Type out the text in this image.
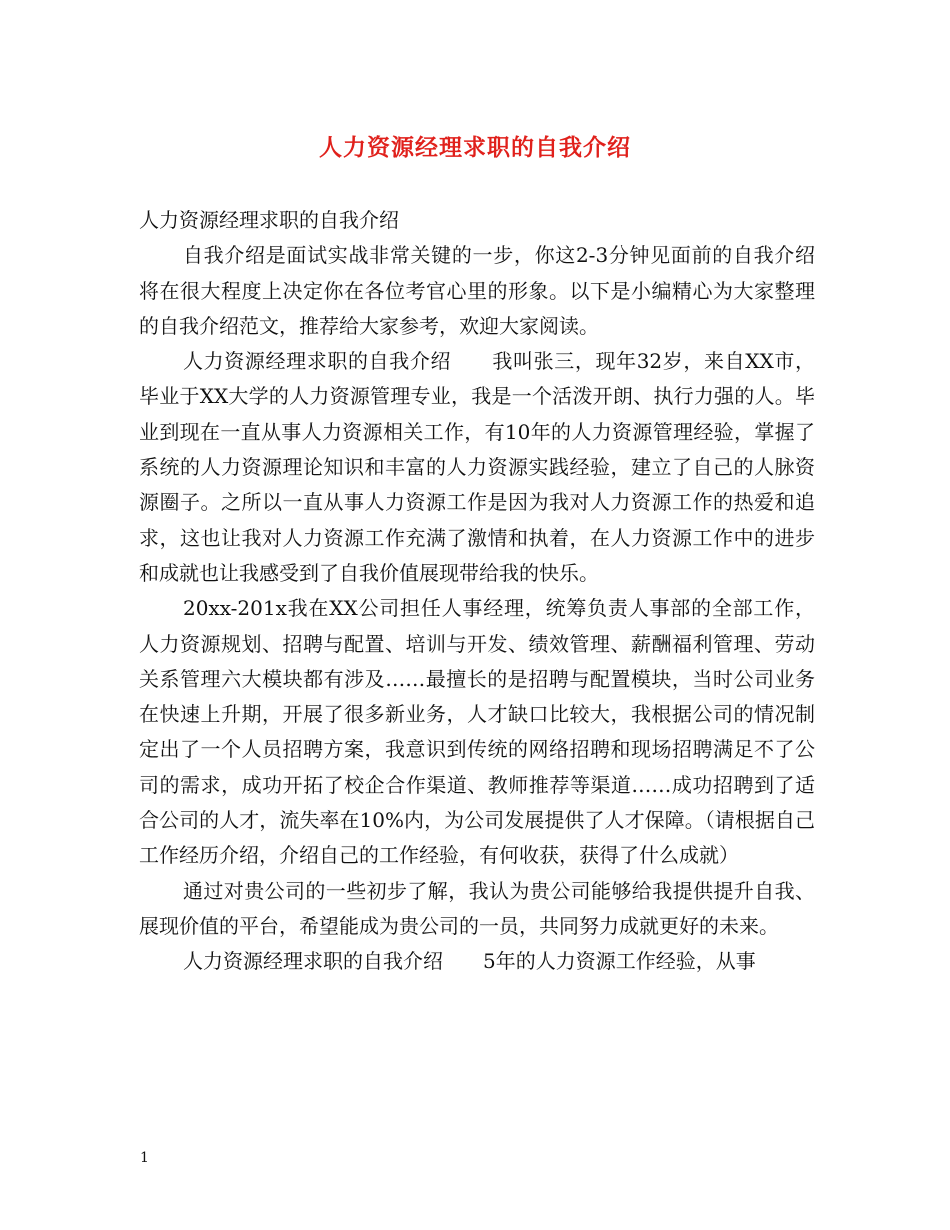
人力资源经理求职的自我介绍

人力资源经理求职的自我介绍

自我介绍是面试实战非常关键的一步，你这2-3分钟见面前的自我介绍将在很大程度上决定你在各位考官心里的形象。以下是小编精心为大家整理的自我介绍范文，推荐给大家参考，欢迎大家阅读。

人力资源经理求职的自我介绍　　我叫张三，现年32岁，来自XX市，毕业于XX大学的人力资源管理专业，我是一个活泼开朗、执行力强的人。毕业到现在一直从事人力资源相关工作，有10年的人力资源管理经验，掌握了系统的人力资源理论知识和丰富的人力资源实践经验，建立了自己的人脉资源圈子。之所以一直从事人力资源工作是因为我对人力资源工作的热爱和追求，这也让我对人力资源工作充满了激情和执着，在人力资源工作中的进步和成就也让我感受到了自我价值展现带给我的快乐。

20xx-201x我在XX公司担任人事经理，统筹负责人事部的全部工作，人力资源规划、招聘与配置、培训与开发、绩效管理、薪酬福利管理、劳动关系管理六大模块都有涉及……最擅长的是招聘与配置模块，当时公司业务在快速上升期，开展了很多新业务，人才缺口比较大，我根据公司的情况制定出了一个人员招聘方案，我意识到传统的网络招聘和现场招聘满足不了公司的需求，成功开拓了校企合作渠道、教师推荐等渠道……成功招聘到了适合公司的人才，流失率在10%内，为公司发展提供了人才保障。（请根据自己工作经历介绍，介绍自己的工作经验，有何收获，获得了什么成就）

通过对贵公司的一些初步了解，我认为贵公司能够给我提供提升自我、展现价值的平台，希望能成为贵公司的一员，共同努力成就更好的未来。

人力资源经理求职的自我介绍　　5年的人力资源工作经验，从事

1
